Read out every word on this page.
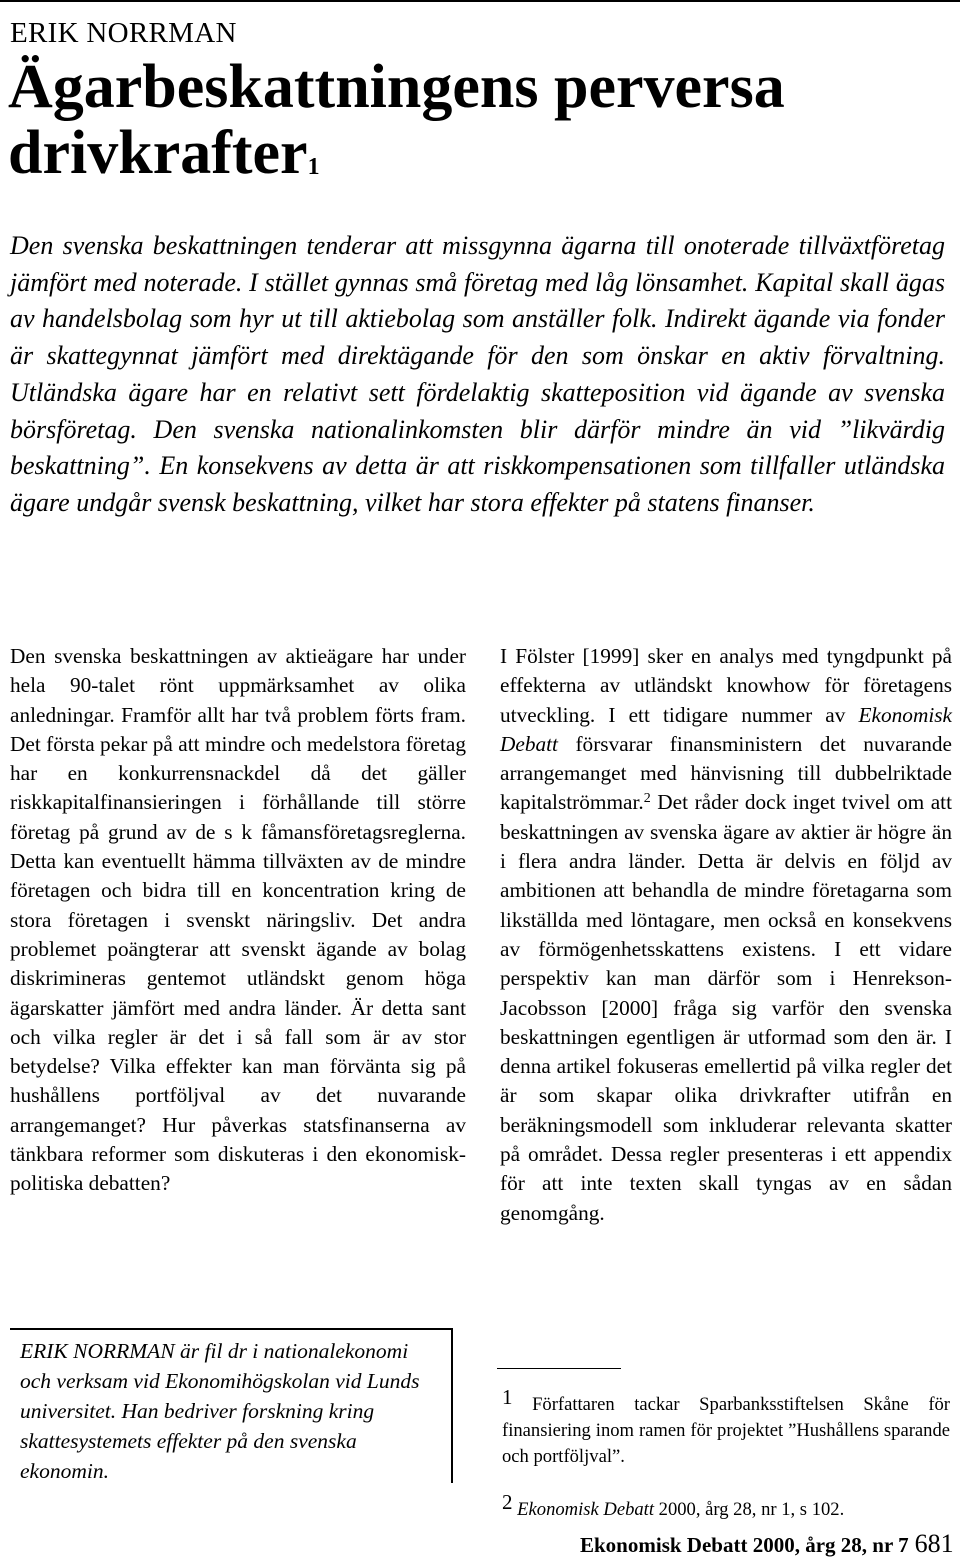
ERIK NORRMAN
Ägarbeskattningens perversa drivkrafter$^1$

Den svenska beskattningen tenderar att missgynna ägarna till onoterade tillväxtföretag jämfört med noterade. I stället gynnas små företag med låg lönsamhet. Kapital skall ägas av handelsbolag som hyr ut till aktiebolag som anställer folk. Indirekt ägande via fonder är skattegynnat jämfört med direktägande för den som önskar en aktiv förvaltning. Utländska ägare har en relativt sett fördelaktig skatteposition vid ägande av svenska börsföretag. Den svenska nationalinkomsten blir därför mindre än vid ”likvärdig beskattning”. En konsekvens av detta är att riskkompensationen som tillfaller utländska ägare undgår svensk beskattning, vilket har stora effekter på statens finanser.

Den svenska beskattningen av aktieägare har under hela 90-talet rönt uppmärksamhet av olika anledningar. Framför allt har två problem förts fram. Det första pekar på att mindre och medelstora företag har en konkurrensnackdel då det gäller riskkapitalfinansieringen i förhållande till större företag på grund av de s k fåmansföretagsreglerna. Detta kan eventuellt hämma tillväxten av de mindre företagen och bidra till en koncentration kring de stora företagen i svenskt näringsliv. Det andra problemet poängterar att svenskt ägande av bolag diskrimineras gentemot utländskt genom höga ägarskatter jämfört med andra länder. Är detta sant och vilka regler är det i så fall som är av stor betydelse? Vilka effekter kan man förvänta sig på hushållens portföljval av det nuvarande arrangemanget? Hur påverkas statsfinanserna av tänkbara reformer som diskuteras i den ekonomisk-politiska debatten?

I Fölster [1999] sker en analys med tyngdpunkt på effekterna av utländskt knowhow för företagens utveckling. I ett tidigare nummer av Ekonomisk Debatt försvarar finansministern det nuvarande arrangemanget med hänvisning till dubbelriktade kapitalströmmar.$^2$ Det råder dock inget tvivel om att beskattningen av svenska ägare av aktier är högre än i flera andra länder. Detta är delvis en följd av ambitionen att behandla de mindre företagarna som likställda med löntagare, men också en konsekvens av förmögenhetsskattens existens. I ett vidare perspektiv kan man därför som i Henrekson-Jacobsson [2000] fråga sig varför den svenska beskattningen egentligen är utformad som den är. I denna artikel fokuseras emellertid på vilka regler det är som skapar olika drivkrafter utifrån en beräkningsmodell som inkluderar relevanta skatter på området. Dessa regler presenteras i ett appendix för att inte texten skall tyngas av en sådan genomgång.

ERIK NORRMAN är fil dr i nationalekonomi och verksam vid Ekonomihögskolan vid Lunds universitet. Han bedriver forskning kring skattesystemets effekter på den svenska ekonomin.

1 Författaren tackar Sparbanksstiftelsen Skåne för finansiering inom ramen för projektet ”Hushållens sparande och portföljval”.

2 Ekonomisk Debatt 2000, årg 28, nr 1, s 102.

Ekonomisk Debatt 2000, årg 28, nr 7 681
